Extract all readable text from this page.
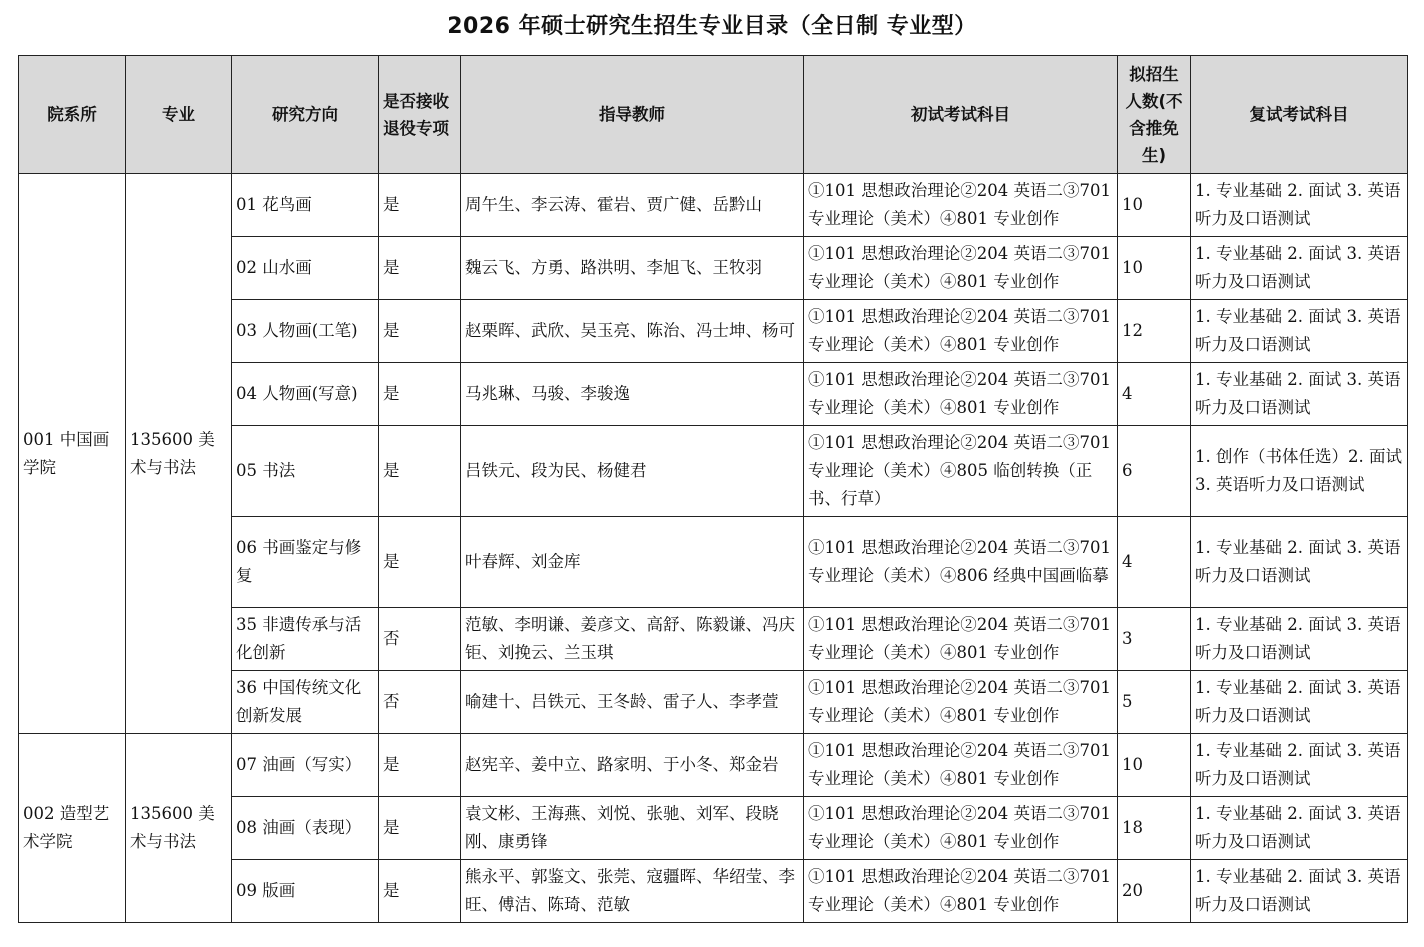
2026 年硕士研究生招生专业目录（全日制 专业型）
院系所	专业	研究方向	是否接收退役专项	指导教师	初试考试科目	拟招生人数(不含推免生)	复试考试科目
001 中国画学院	135600 美术与书法	01 花鸟画	是	周午生、李云涛、霍岩、贾广健、岳黔山	①101 思想政治理论②204 英语二③701 专业理论（美术）④801 专业创作	10	1. 专业基础 2. 面试 3. 英语听力及口语测试
		02 山水画	是	魏云飞、方勇、路洪明、李旭飞、王牧羽	①101 思想政治理论②204 英语二③701 专业理论（美术）④801 专业创作	10	1. 专业基础 2. 面试 3. 英语听力及口语测试
		03 人物画(工笔)	是	赵栗晖、武欣、吴玉亮、陈治、冯士坤、杨可	①101 思想政治理论②204 英语二③701 专业理论（美术）④801 专业创作	12	1. 专业基础 2. 面试 3. 英语听力及口语测试
		04 人物画(写意)	是	马兆琳、马骏、李骏逸	①101 思想政治理论②204 英语二③701 专业理论（美术）④801 专业创作	4	1. 专业基础 2. 面试 3. 英语听力及口语测试
		05 书法	是	吕铁元、段为民、杨健君	①101 思想政治理论②204 英语二③701 专业理论（美术）④805 临创转换（正书、行草）	6	1. 创作（书体任选）2. 面试 3. 英语听力及口语测试
		06 书画鉴定与修复	是	叶春辉、刘金库	①101 思想政治理论②204 英语二③701 专业理论（美术）④806 经典中国画临摹	4	1. 专业基础 2. 面试 3. 英语听力及口语测试
		35 非遗传承与活化创新	否	范敏、李明谦、姜彦文、高舒、陈毅谦、冯庆钜、刘挽云、兰玉琪	①101 思想政治理论②204 英语二③701 专业理论（美术）④801 专业创作	3	1. 专业基础 2. 面试 3. 英语听力及口语测试
		36 中国传统文化创新发展	否	喻建十、吕铁元、王冬龄、雷子人、李孝萱	①101 思想政治理论②204 英语二③701 专业理论（美术）④801 专业创作	5	1. 专业基础 2. 面试 3. 英语听力及口语测试
002 造型艺术学院	135600 美术与书法	07 油画（写实）	是	赵宪辛、姜中立、路家明、于小冬、郑金岩	①101 思想政治理论②204 英语二③701 专业理论（美术）④801 专业创作	10	1. 专业基础 2. 面试 3. 英语听力及口语测试
		08 油画（表现）	是	袁文彬、王海燕、刘悦、张驰、刘军、段晓刚、康勇锋	①101 思想政治理论②204 英语二③701 专业理论（美术）④801 专业创作	18	1. 专业基础 2. 面试 3. 英语听力及口语测试
		09 版画	是	熊永平、郭鉴文、张莞、寇疆晖、华绍莹、李旺、傅洁、陈琦、范敏	①101 思想政治理论②204 英语二③701 专业理论（美术）④801 专业创作	20	1. 专业基础 2. 面试 3. 英语听力及口语测试
